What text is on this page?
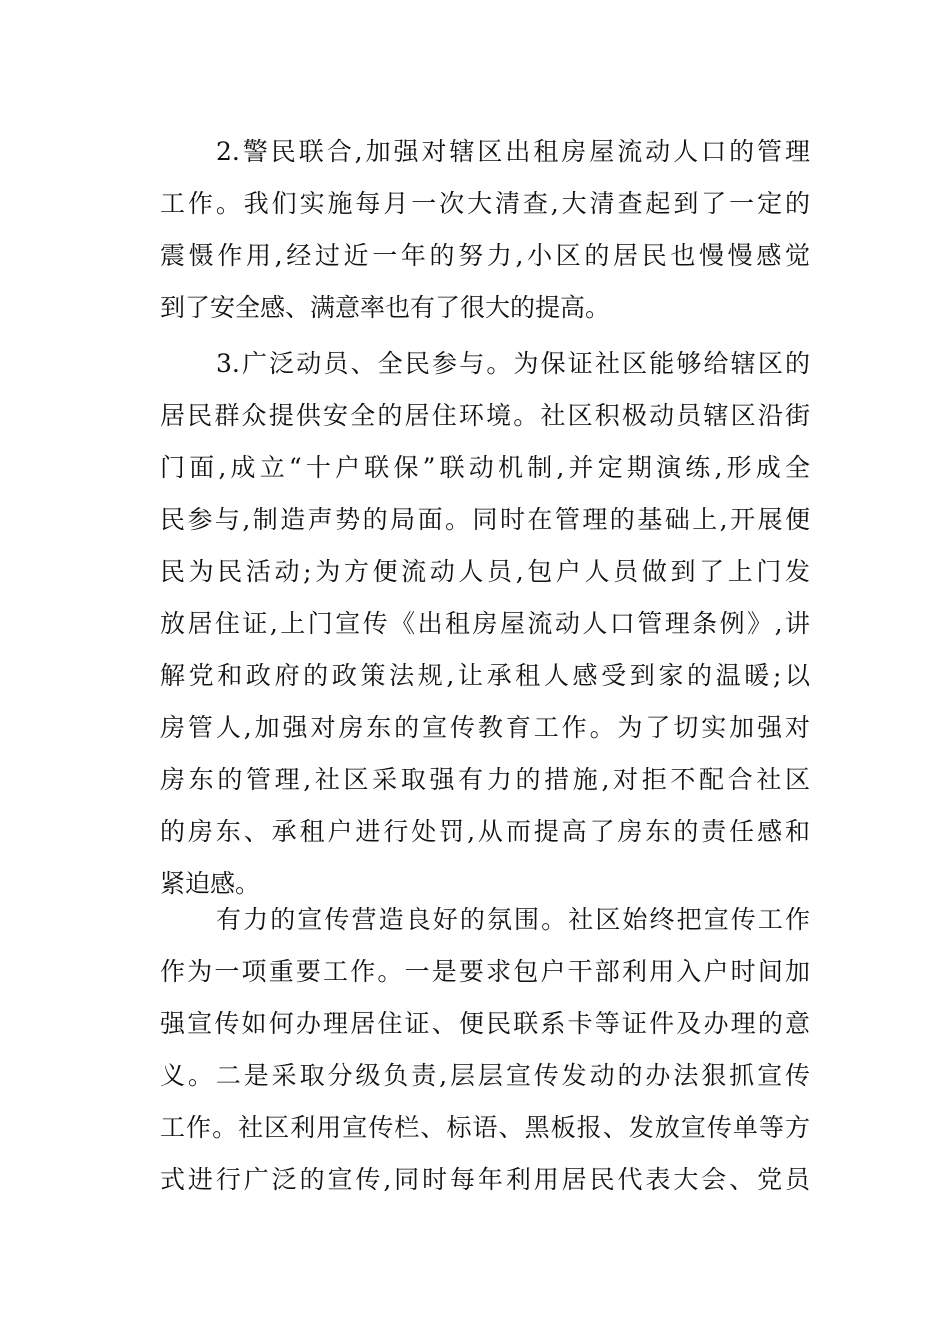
2.警民联合,加强对辖区出租房屋流动人口的管理
工作。我们实施每月一次大清查,大清查起到了一定的
震慑作用,经过近一年的努力,小区的居民也慢慢感觉
到了安全感、满意率也有了很大的提高。
3.广泛动员、全民参与。为保证社区能够给辖区的
居民群众提供安全的居住环境。社区积极动员辖区沿街
门面,成立“十户联保”联动机制,并定期演练,形成全
民参与,制造声势的局面。同时在管理的基础上,开展便
民为民活动;为方便流动人员,包户人员做到了上门发
放居住证,上门宣传《出租房屋流动人口管理条例》,讲
解党和政府的政策法规,让承租人感受到家的温暖;以
房管人,加强对房东的宣传教育工作。为了切实加强对
房东的管理,社区采取强有力的措施,对拒不配合社区
的房东、承租户进行处罚,从而提高了房东的责任感和
紧迫感。
有力的宣传营造良好的氛围。社区始终把宣传工作
作为一项重要工作。一是要求包户干部利用入户时间加
强宣传如何办理居住证、便民联系卡等证件及办理的意
义。二是采取分级负责,层层宣传发动的办法狠抓宣传
工作。社区利用宣传栏、标语、黑板报、发放宣传单等方
式进行广泛的宣传,同时每年利用居民代表大会、党员
